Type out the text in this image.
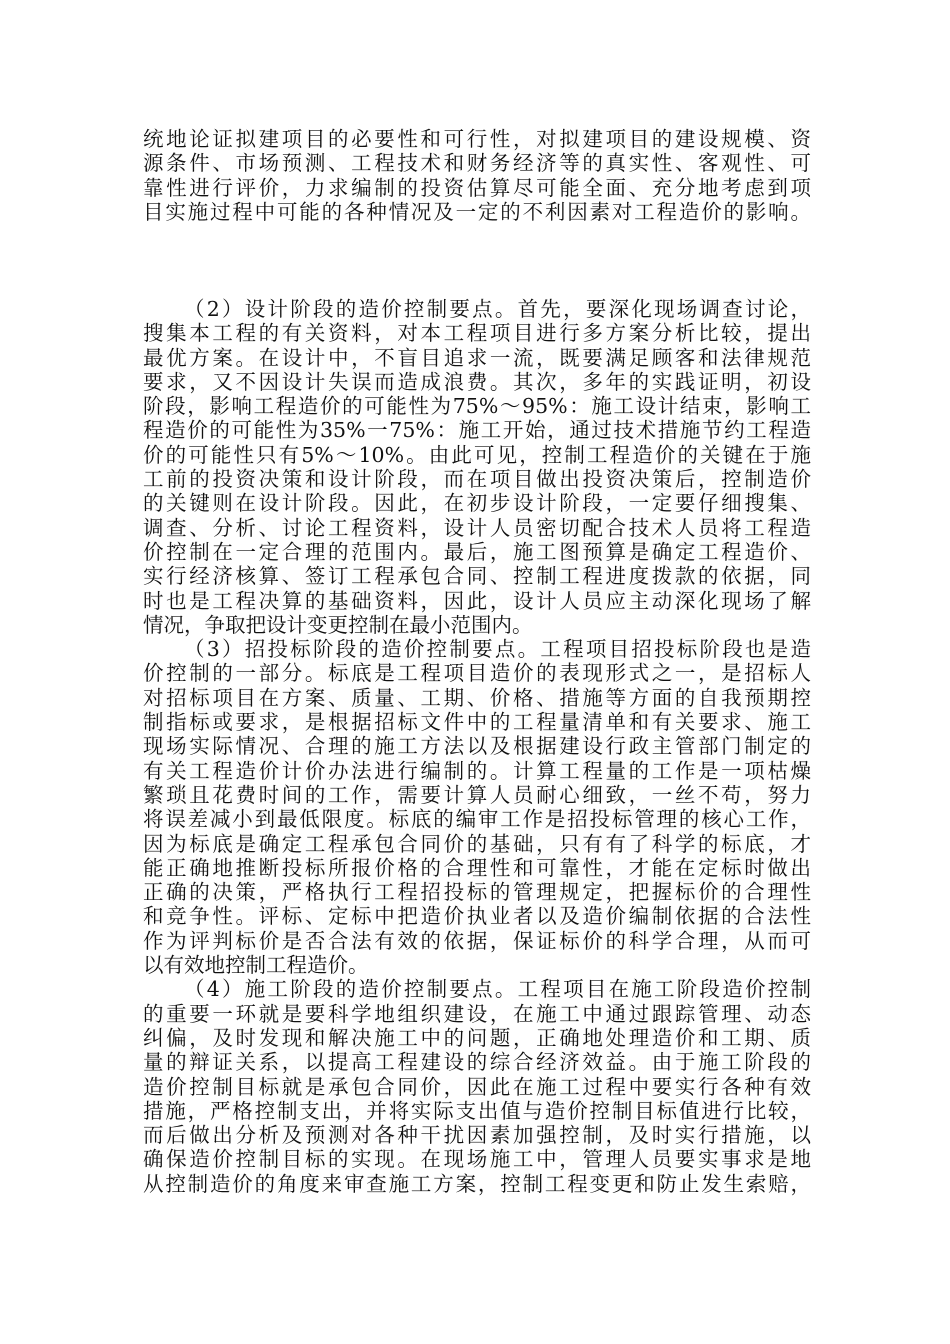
统地论证拟建项目的必要性和可行性，对拟建项目的建设规模、资
源条件、市场预测、工程技术和财务经济等的真实性、客观性、可
靠性进行评价，力求编制的投资估算尽可能全面、充分地考虑到项
目实施过程中可能的各种情况及一定的不利因素对工程造价的影响。
（2）设计阶段的造价控制要点。首先，要深化现场调查讨论，
搜集本工程的有关资料，对本工程项目进行多方案分析比较，提出
最优方案。在设计中，不盲目追求一流，既要满足顾客和法律规范
要求，又不因设计失误而造成浪费。其次，多年的实践证明，初设
阶段，影响工程造价的可能性为75%～95%：施工设计结束，影响工
程造价的可能性为35%一75%：施工开始，通过技术措施节约工程造
价的可能性只有5%～10%。由此可见，控制工程造价的关键在于施
工前的投资决策和设计阶段，而在项目做出投资决策后，控制造价
的关键则在设计阶段。因此，在初步设计阶段，一定要仔细搜集、
调查、分析、讨论工程资料，设计人员密切配合技术人员将工程造
价控制在一定合理的范围内。最后，施工图预算是确定工程造价、
实行经济核算、签订工程承包合同、控制工程进度拨款的依据，同
时也是工程决算的基础资料，因此，设计人员应主动深化现场了解
情况，争取把设计变更控制在最小范围内。
（3）招投标阶段的造价控制要点。工程项目招投标阶段也是造
价控制的一部分。标底是工程项目造价的表现形式之一，是招标人
对招标项目在方案、质量、工期、价格、措施等方面的自我预期控
制指标或要求，是根据招标文件中的工程量清单和有关要求、施工
现场实际情况、合理的施工方法以及根据建设行政主管部门制定的
有关工程造价计价办法进行编制的。计算工程量的工作是一项枯燥
繁琐且花费时间的工作，需要计算人员耐心细致，一丝不苟，努力
将误差减小到最低限度。标底的编审工作是招投标管理的核心工作，
因为标底是确定工程承包合同价的基础，只有有了科学的标底，才
能正确地推断投标所报价格的合理性和可靠性，才能在定标时做出
正确的决策，严格执行工程招投标的管理规定，把握标价的合理性
和竞争性。评标、定标中把造价执业者以及造价编制依据的合法性
作为评判标价是否合法有效的依据，保证标价的科学合理，从而可
以有效地控制工程造价。
（4）施工阶段的造价控制要点。工程项目在施工阶段造价控制
的重要一环就是要科学地组织建设，在施工中通过跟踪管理、动态
纠偏，及时发现和解决施工中的问题，正确地处理造价和工期、质
量的辩证关系，以提高工程建设的综合经济效益。由于施工阶段的
造价控制目标就是承包合同价，因此在施工过程中要实行各种有效
措施，严格控制支出，并将实际支出值与造价控制目标值进行比较，
而后做出分析及预测对各种干扰因素加强控制，及时实行措施，以
确保造价控制目标的实现。在现场施工中，管理人员要实事求是地
从控制造价的角度来审查施工方案，控制工程变更和防止发生索赔，
